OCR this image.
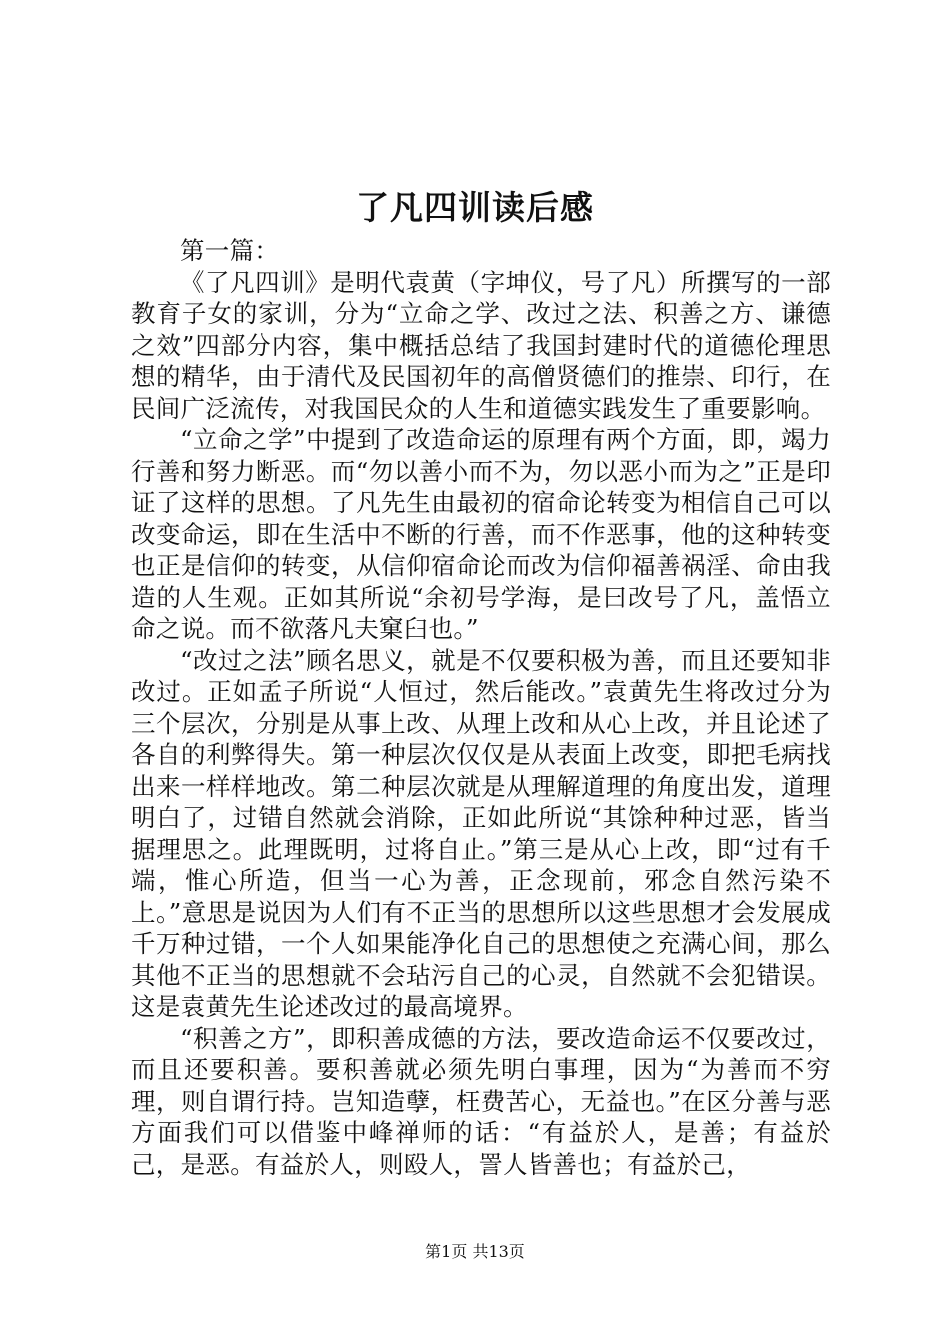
了凡四训读后感

第一篇：

《了凡四训》是明代袁黄（字坤仪，号了凡）所撰写的一部教育子女的家训，分为“立命之学、改过之法、积善之方、谦德之效”四部分内容，集中概括总结了我国封建时代的道德伦理思想的精华，由于清代及民国初年的高僧贤德们的推崇、印行，在民间广泛流传，对我国民众的人生和道德实践发生了重要影响。

“立命之学”中提到了改造命运的原理有两个方面，即，竭力行善和努力断恶。而“勿以善小而不为，勿以恶小而为之”正是印证了这样的思想。了凡先生由最初的宿命论转变为相信自己可以改变命运，即在生活中不断的行善，而不作恶事，他的这种转变也正是信仰的转变，从信仰宿命论而改为信仰福善祸淫、命由我造的人生观。正如其所说“余初号学海，是曰改号了凡，盖悟立命之说。而不欲落凡夫窠臼也。”

“改过之法”顾名思义，就是不仅要积极为善，而且还要知非改过。正如孟子所说“人恒过，然后能改。”袁黄先生将改过分为三个层次，分别是从事上改、从理上改和从心上改，并且论述了各自的利弊得失。第一种层次仅仅是从表面上改变，即把毛病找出来一样样地改。第二种层次就是从理解道理的角度出发，道理明白了，过错自然就会消除，正如此所说“其馀种种过恶，皆当据理思之。此理既明，过将自止。”第三是从心上改，即“过有千端，惟心所造，但当一心为善，正念现前，邪念自然污染不上。”意思是说因为人们有不正当的思想所以这些思想才会发展成千万种过错，一个人如果能净化自己的思想使之充满心间，那么其他不正当的思想就不会玷污自己的心灵，自然就不会犯错误。这是袁黄先生论述改过的最高境界。

“积善之方”，即积善成德的方法，要改造命运不仅要改过，而且还要积善。要积善就必须先明白事理，因为“为善而不穷理，则自谓行持。岂知造孽，枉费苦心，无益也。”在区分善与恶方面我们可以借鉴中峰禅师的话：“有益於人，是善；有益於己，是恶。有益於人，则殴人，詈人皆善也；有益於己，

第1页 共13页
